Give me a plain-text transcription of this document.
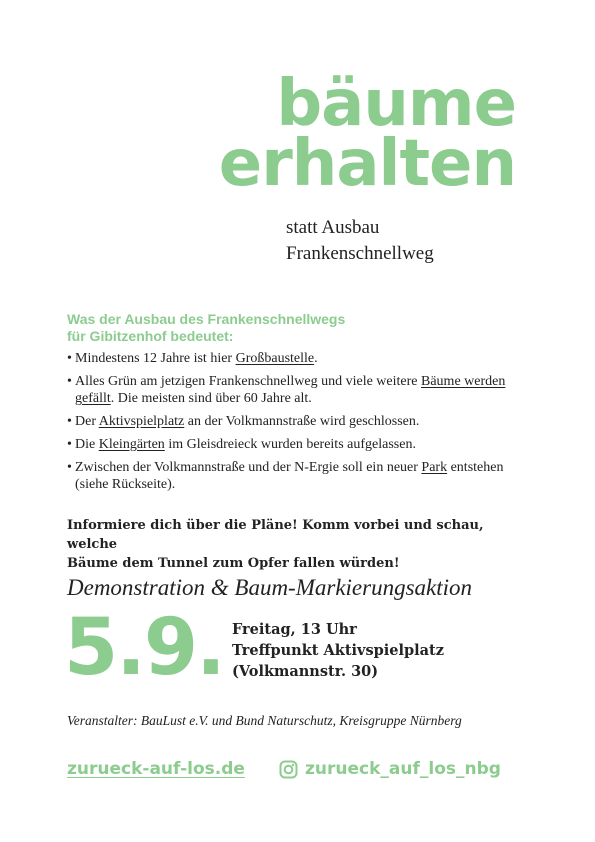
bäume
erhalten
statt Ausbau
Frankenschnellweg
Was der Ausbau des Frankenschnellwegs
für Gibitzenhof bedeutet:
• Mindestens 12 Jahre ist hier Großbaustelle.
• Alles Grün am jetzigen Frankenschnellweg und viele weitere Bäume werden gefällt. Die meisten sind über 60 Jahre alt.
• Der Aktivspielplatz an der Volkmannstraße wird geschlossen.
• Die Kleingärten im Gleisdreieck wurden bereits aufgelassen.
• Zwischen der Volkmannstraße und der N-Ergie soll ein neuer Park entstehen (siehe Rückseite).
Informiere dich über die Pläne! Komm vorbei und schau, welche
Bäume dem Tunnel zum Opfer fallen würden!
Demonstration & Baum-Markierungsaktion
5.9. Freitag, 13 Uhr
Treffpunkt Aktivspielplatz
(Volkmannstr. 30)
Veranstalter: BauLust e.V. und Bund Naturschutz, Kreisgruppe Nürnberg
zurueck-auf-los.de	zurueck_auf_los_nbg
